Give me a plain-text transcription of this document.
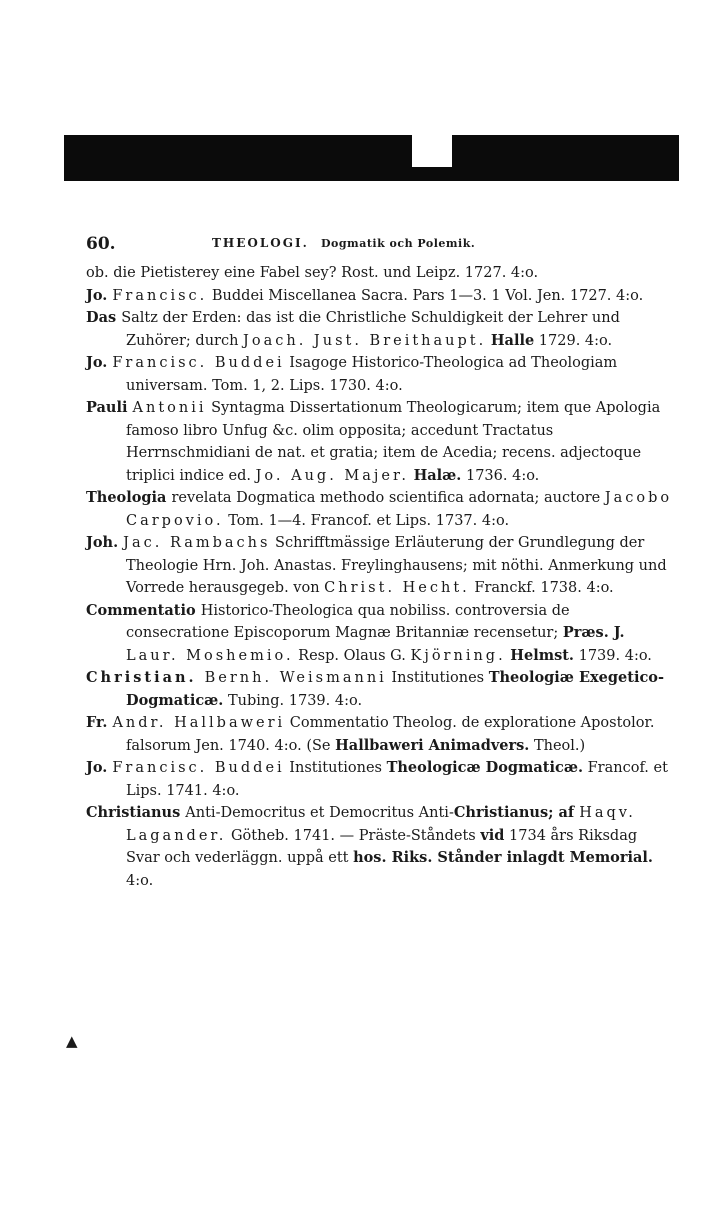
60.	THEOLOGI. Dogmatik och Polemik.

ob. die Pietisterey eine Fabel sey? Rost. und Leipz. 1727. 4:o.

Jo. Francisc. Buddei Miscellanea Sacra. Pars 1—3. 1 Vol. Jen. 1727. 4:o.

Das Saltz der Erden: das ist die Christliche Schuldigkeit der Lehrer und Zuhörer; durch Joach. Just. Breithaupt. Halle 1729. 4:o.

Jo. Francisc. Buddei Isagoge Historico-Theologica ad Theologiam universam. Tom. 1, 2. Lips. 1730. 4:o.

Pauli Antonii Syntagma Dissertationum Theologicarum; item que Apologia famoso libro Unfug &c. olim opposita; accedunt Tractatus Herrnschmidiani de nat. et gratia; item de Acedia; recens. adjectoque triplici indice ed. Jo. Aug. Majer. Halæ. 1736. 4:o.

Theologia revelata Dogmatica methodo scientifica adornata; auctore Jacobo Carpovio. Tom. 1—4. Francof. et Lips. 1737. 4:o.

Joh. Jac. Rambachs Schrifftmässige Erläuterung der Grundlegung der Theologie Hrn. Joh. Anastas. Freylinghausens; mit nöthi. Anmerkung und Vorrede herausgegeb. von Christ. Hecht. Franckf. 1738. 4:o.

Commentatio Historico-Theologica qua nobiliss. controversia de consecratione Episcoporum Magnæ Britanniæ recensetur; Præs. J. Laur. Moshemio. Resp. Olaus G. Kjörning. Helmst. 1739. 4:o.

Christian. Bernh. Weismanni Institutiones Theologiæ Exegetico-Dogmaticæ. Tubing. 1739. 4:o.

Fr. Andr. Hallbaweri Commentatio Theolog. de exploratione Apostolor. falsorum Jen. 1740. 4:o. (Se Hallbaweri Animadvers. Theol.)

Jo. Francisc. Buddei Institutiones Theologicæ Dogmaticæ. Francof. et Lips. 1741. 4:o.

Christianus Anti-Democritus et Democritus Anti-Christianus; af Haqv. Lagander. Götheb. 1741. — Präste-Ståndets vid 1734 års Riksdag Svar och vederläggn. uppå ett hos. Riks. Stånder inlagdt Memorial. 4:o.

▲
